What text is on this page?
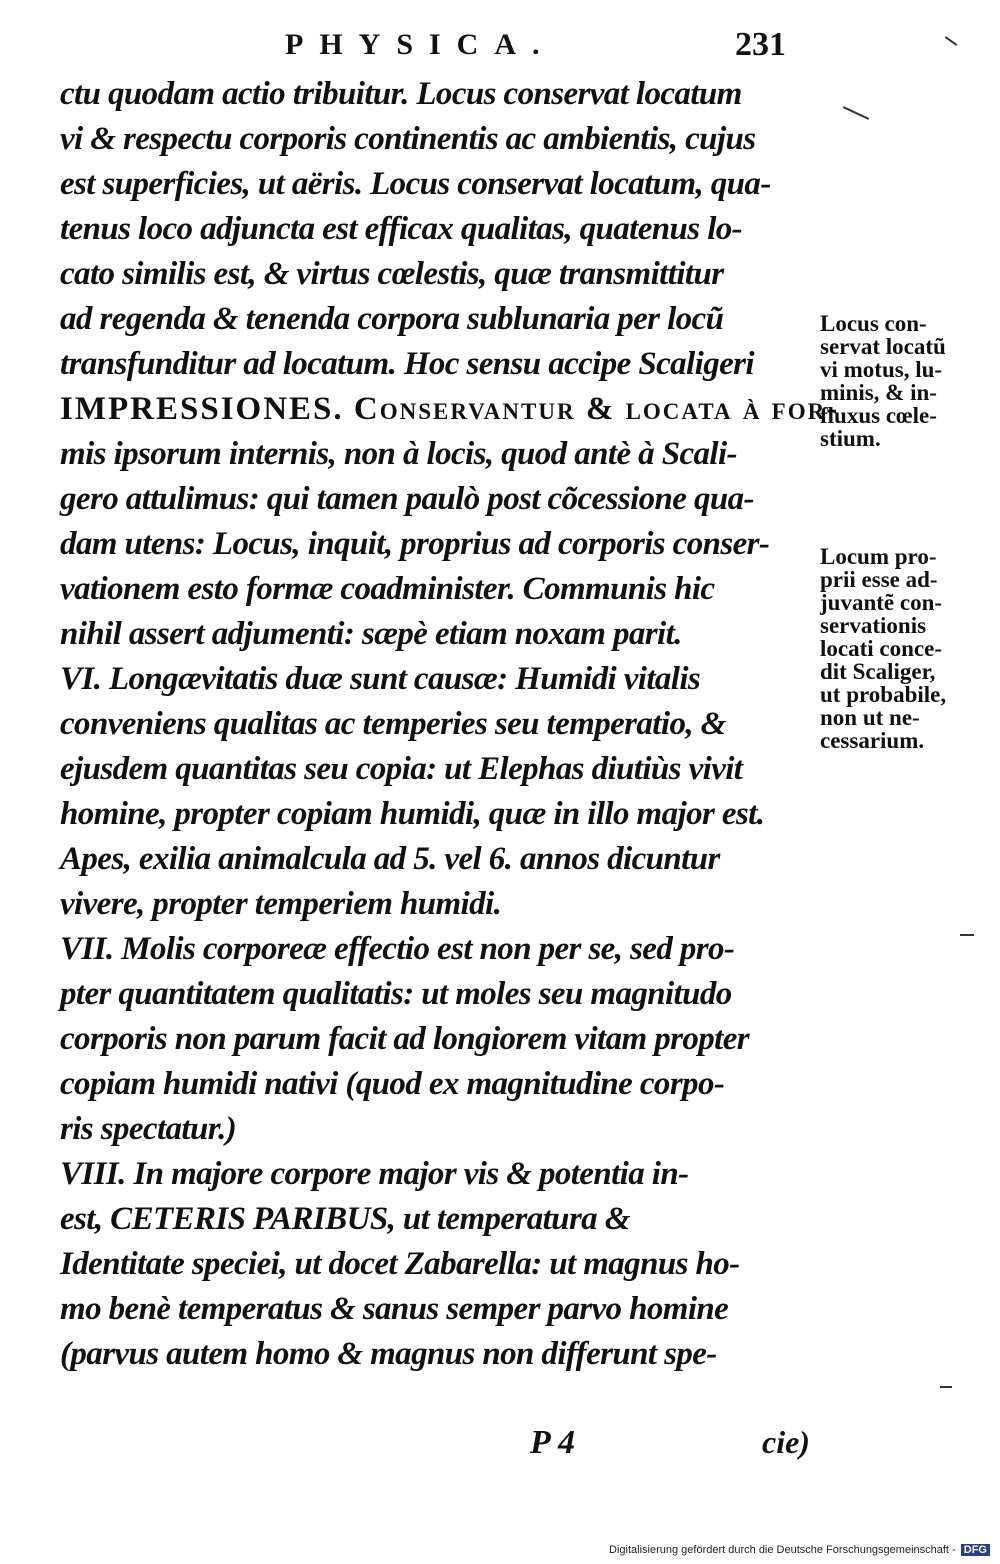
PHYSICA.	231
ctu quodam actio tribuitur. Locus conservat locatum
vi & respectu corporis continentis ac ambientis, cujus
est superficies, ut aëris. Locus conservat locatum, qua-
tenus loco adjuncta est efficax qualitas, quatenus lo-
cato similis est, & virtus cœlestis, quæ transmittitur
ad regenda & tenenda corpora sublunaria per locũ
transfunditur ad locatum. Hoc sensu accipe Scaligeri
IMPRESSIONES. Conservantur & locata à for-
mis ipsorum internis, non à locis, quod antè à Scali-
gero attulimus: qui tamen paulò post cõcessione qua-
dam utens: Locus, inquit, proprius ad corporis conser-
vationem esto formæ coadminister. Communis hic
nihil assert adjumenti: sæpè etiam noxam parit.
VI. Longævitatis duæ sunt causæ: Humidi vitalis
conveniens qualitas ac temperies seu temperatio, &
ejusdem quantitas seu copia: ut Elephas diutiùs vivit
homine, propter copiam humidi, quæ in illo major est.
Apes, exilia animalcula ad 5. vel 6. annos dicuntur
vivere, propter temperiem humidi.
VII. Molis corporeæ effectio est non per se, sed pro-
pter quantitatem qualitatis: ut moles seu magnitudo
corporis non parum facit ad longiorem vitam propter
copiam humidi nativi (quod ex magnitudine corpo-
ris spectatur.)
VIII. In majore corpore major vis & potentia in-
est, CETERIS PARIBUS, ut temperatura &
Identitate speciei, ut docet Zabarella: ut magnus ho-
mo benè temperatus & sanus semper parvo homine
(parvus autem homo & magnus non differunt spe-
Locus con-
servat locatũ
vi motus, lu-
minis, & in-
fluxus cœle-
stium.
Locum pro-
prii esse ad-
juvantẽ con-
servationis
locati conce-
dit Scaliger,
ut probabile,
non ut ne-
cessarium.
P 4	cie)
Digitalisierung gefördert durch die Deutsche Forschungsgemeinschaft - DFG
